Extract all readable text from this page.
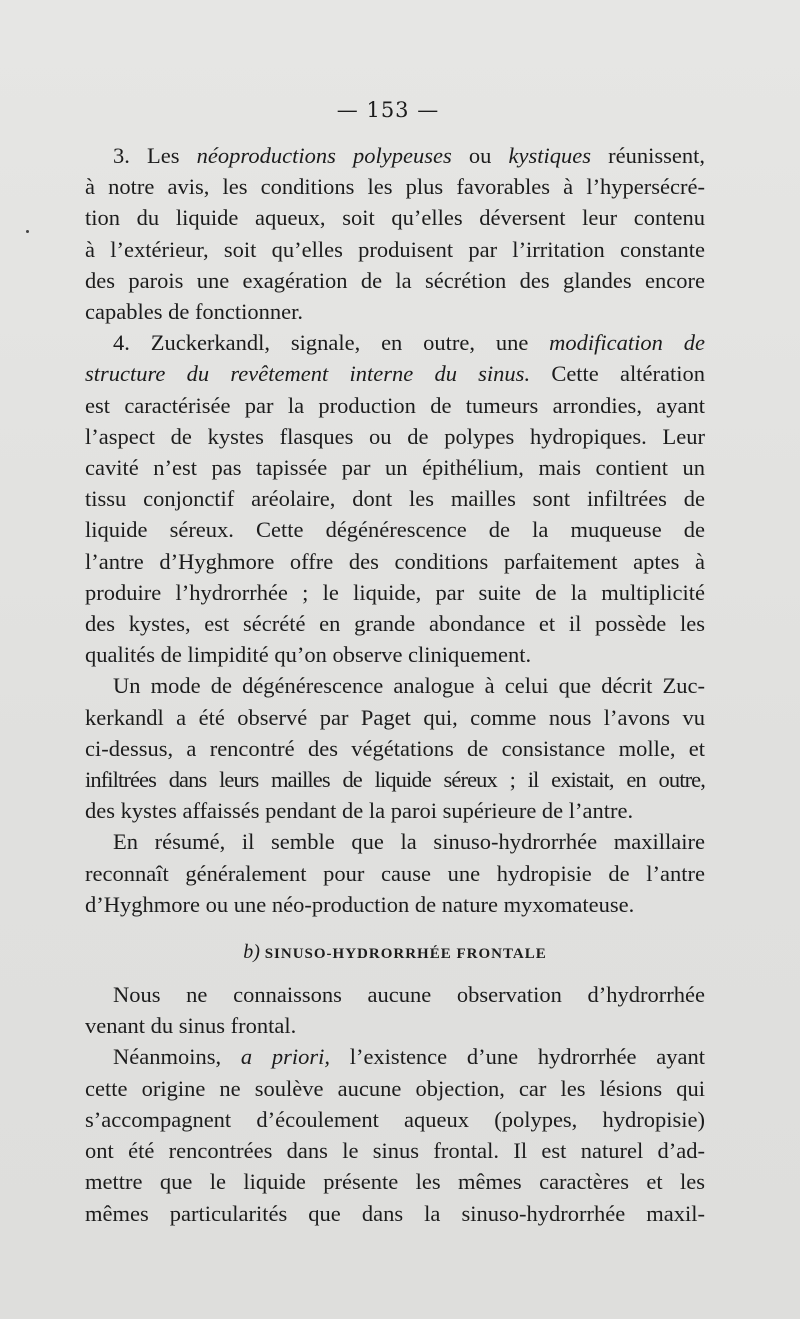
— 153 —
3. Les néoproductions polypeuses ou kystiques réunissent,
à notre avis, les conditions les plus favorables à l’hypersécré-
tion du liquide aqueux, soit qu’elles déversent leur contenu
à l’extérieur, soit qu’elles produisent par l’irritation constante
des parois une exagération de la sécrétion des glandes encore
capables de fonctionner.
4. Zuckerkandl, signale, en outre, une modification de
structure du revêtement interne du sinus. Cette altération
est caractérisée par la production de tumeurs arrondies, ayant
l’aspect de kystes flasques ou de polypes hydropiques. Leur
cavité n’est pas tapissée par un épithélium, mais contient un
tissu conjonctif aréolaire, dont les mailles sont infiltrées de
liquide séreux. Cette dégénérescence de la muqueuse de
l’antre d’Hyghmore offre des conditions parfaitement aptes à
produire l’hydrorrhée ; le liquide, par suite de la multiplicité
des kystes, est sécrété en grande abondance et il possède les
qualités de limpidité qu’on observe cliniquement.
Un mode de dégénérescence analogue à celui que décrit Zuc-
kerkandl a été observé par Paget qui, comme nous l’avons vu
ci-dessus, a rencontré des végétations de consistance molle, et
infiltrées dans leurs mailles de liquide séreux ; il existait, en outre,
des kystes affaissés pendant de la paroi supérieure de l’antre.
En résumé, il semble que la sinuso-hydrorrhée maxillaire
reconnaît généralement pour cause une hydropisie de l’antre
d’Hyghmore ou une néo-production de nature myxomateuse.
b) SINUSO-HYDRORRHÉE FRONTALE
Nous ne connaissons aucune observation d’hydrorrhée
venant du sinus frontal.
Néanmoins, a priori, l’existence d’une hydrorrhée ayant
cette origine ne soulève aucune objection, car les lésions qui
s’accompagnent d’écoulement aqueux (polypes, hydropisie)
ont été rencontrées dans le sinus frontal. Il est naturel d’ad-
mettre que le liquide présente les mêmes caractères et les
mêmes particularités que dans la sinuso-hydrorrhée maxil-
